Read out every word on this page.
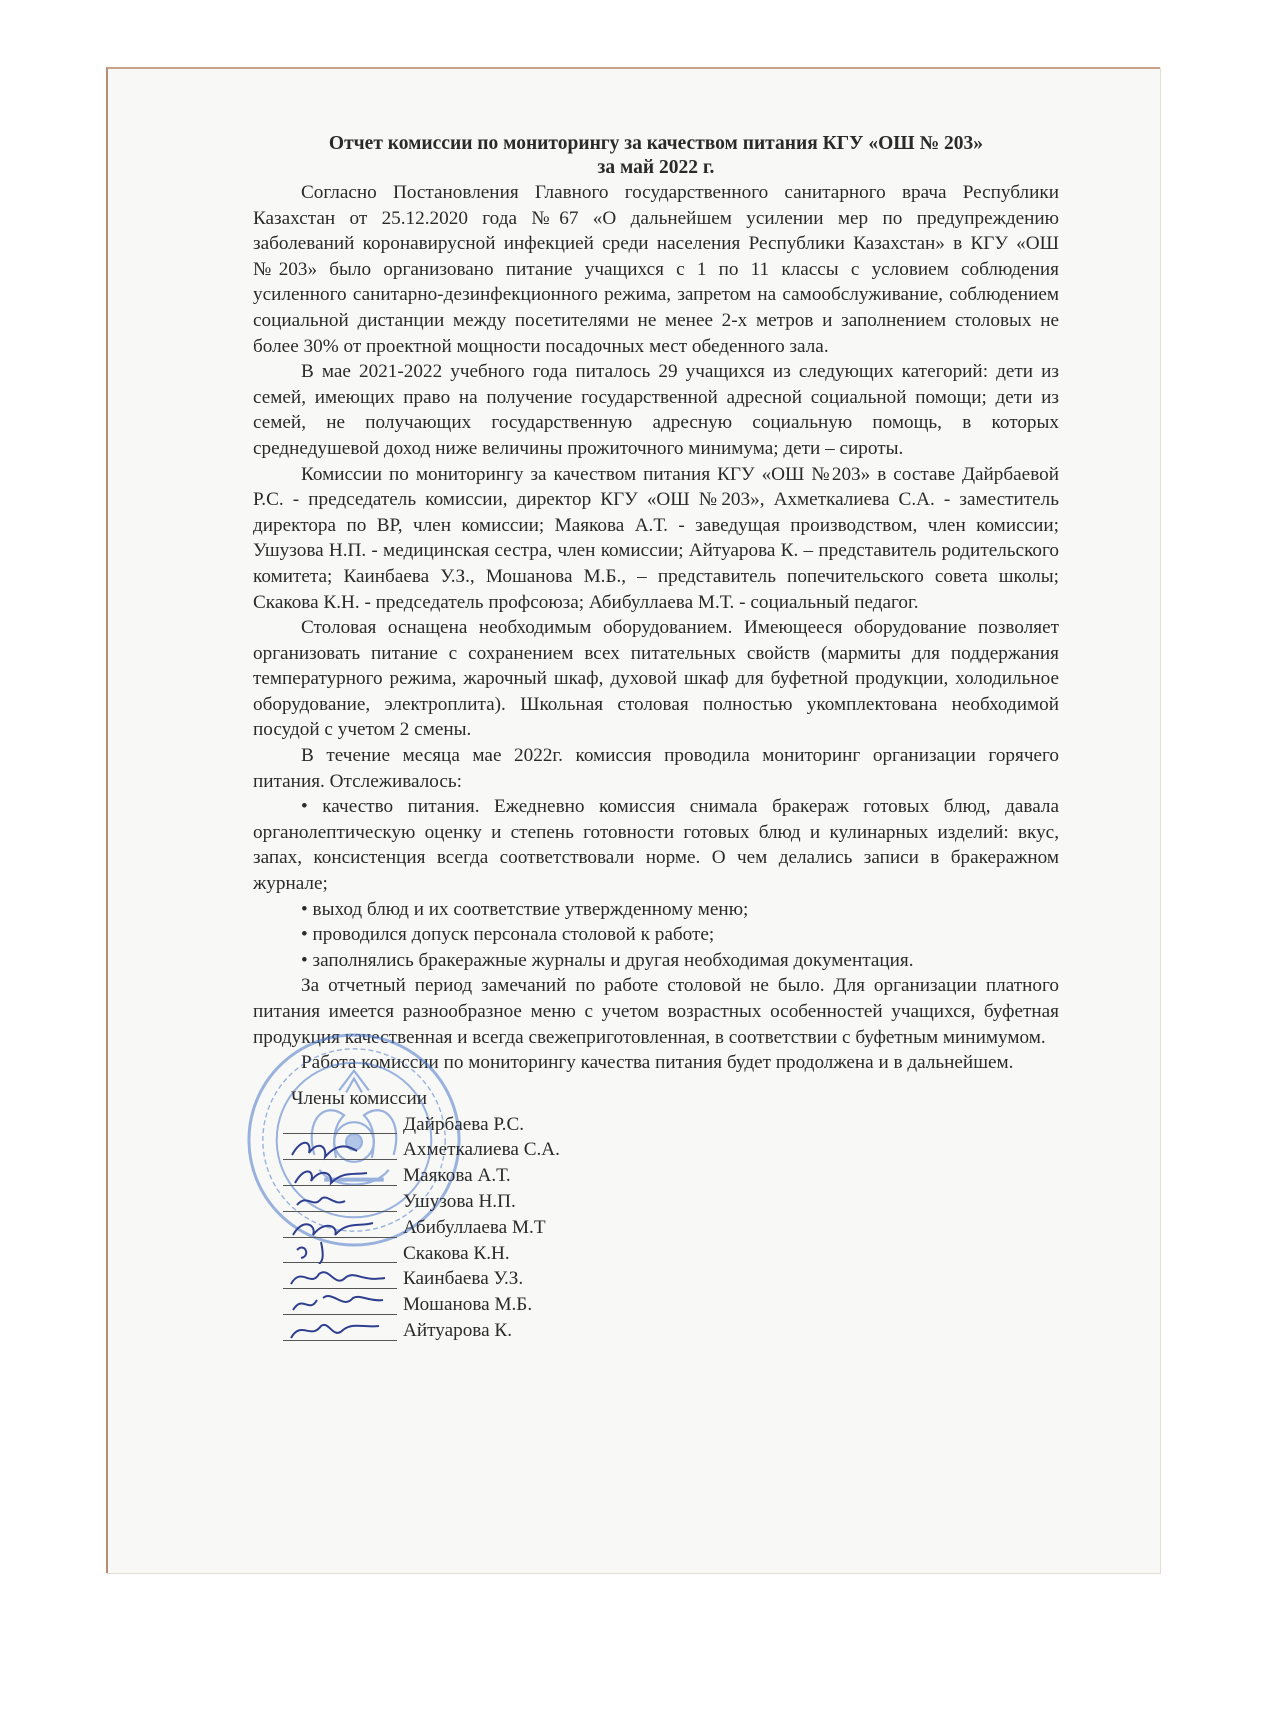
Отчет комиссии по мониторингу за качеством питания КГУ «ОШ № 203»
за май 2022 г.

Согласно Постановления Главного государственного санитарного врача Республики Казахстан от 25.12.2020 года №67 «О дальнейшем усилении мер по предупреждению заболеваний коронавирусной инфекцией среди населения Республики Казахстан» в КГУ «ОШ №203» было организовано питание учащихся с 1 по 11 классы с условием соблюдения усиленного санитарно-дезинфекционного режима, запретом на самообслуживание, соблюдением социальной дистанции между посетителями не менее 2-х метров и заполнением столовых не более 30% от проектной мощности посадочных мест обеденного зала.

В мае 2021-2022 учебного года питалось 29 учащихся из следующих категорий: дети из семей, имеющих право на получение государственной адресной социальной помощи; дети из семей, не получающих государственную адресную социальную помощь, в которых среднедушевой доход ниже величины прожиточного минимума; дети – сироты.

Комиссии по мониторингу за качеством питания КГУ «ОШ №203» в составе Дайрбаевой Р.С. - председатель комиссии, директор КГУ «ОШ №203», Ахметкалиева С.А. - заместитель директора по ВР, член комиссии; Маякова А.Т. - заведущая производством, член комиссии; Ушузова Н.П. - медицинская сестра, член комиссии; Айтуарова К. – представитель родительского комитета; Каинбаева У.З., Мошанова М.Б., – представитель попечительского совета школы; Скакова К.Н. - председатель профсоюза; Абибуллаева М.Т. - социальный педагог.

Столовая оснащена необходимым оборудованием. Имеющееся оборудование позволяет организовать питание с сохранением всех питательных свойств (мармиты для поддержания температурного режима, жарочный шкаф, духовой шкаф для буфетной продукции, холодильное оборудование, электроплита). Школьная столовая полностью укомплектована необходимой посудой с учетом 2 смены.

В течение месяца мае 2022г. комиссия проводила мониторинг организации горячего питания. Отслеживалось:

• качество питания. Ежедневно комиссия снимала бракераж готовых блюд, давала органолептическую оценку и степень готовности готовых блюд и кулинарных изделий: вкус, запах, консистенция всегда соответствовали норме. О чем делались записи в бракеражном журнале;

• выход блюд и их соответствие утвержденному меню;

• проводился допуск персонала столовой к работе;

• заполнялись бракеражные журналы и другая необходимая документация.

За отчетный период замечаний по работе столовой не было. Для организации платного питания имеется разнообразное меню с учетом возрастных особенностей учащихся, буфетная продукция качественная и всегда свежеприготовленная, в соответствии с буфетным минимумом.

Работа комиссии по мониторингу качества питания будет продолжена и в дальнейшем.

Члены комиссии
Дайрбаева Р.С.
Ахметкалиева С.А.
Маякова А.Т.
Ушузова Н.П.
Абибуллаева М.Т
Скакова К.Н.
Каинбаева У.З.
Мошанова М.Б.
Айтуарова К.
